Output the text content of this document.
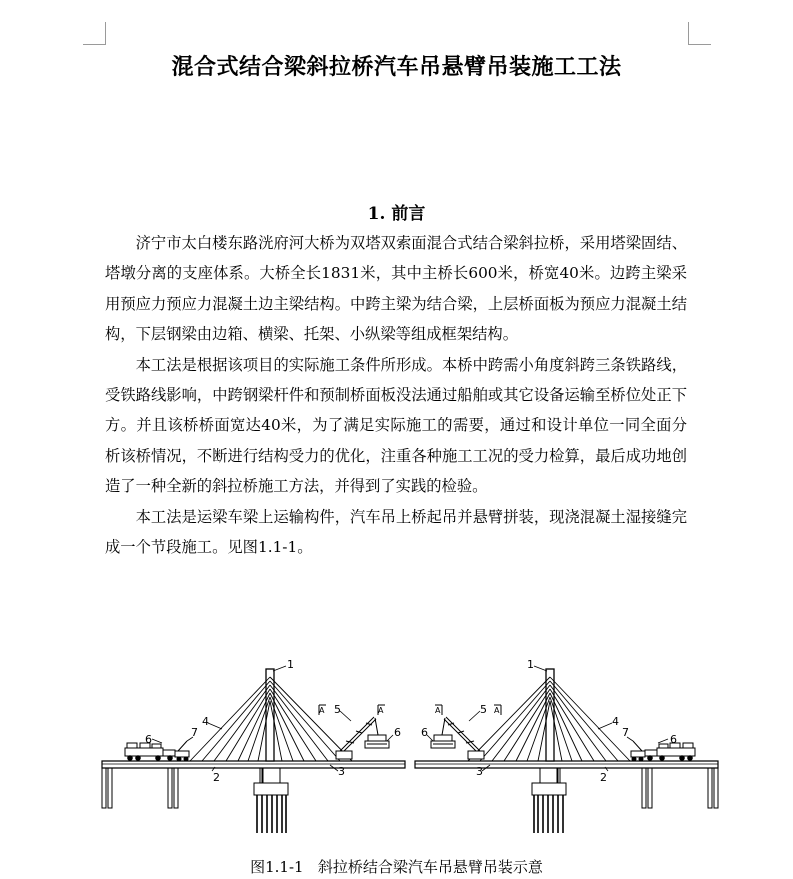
混合式结合梁斜拉桥汽车吊悬臂吊装施工工法
1. 前言

济宁市太白楼东路洸府河大桥为双塔双索面混合式结合梁斜拉桥，采用塔梁固结、塔墩分离的支座体系。大桥全长1831米，其中主桥长600米，桥宽40米。边跨主梁采用预应力预应力混凝土边主梁结构。中跨主梁为结合梁，上层桥面板为预应力混凝土结构，下层钢梁由边箱、横梁、托架、小纵梁等组成框架结构。

本工法是根据该项目的实际施工条件所形成。本桥中跨需小角度斜跨三条铁路线，受铁路线影响，中跨钢梁杆件和预制桥面板没法通过船舶或其它设备运输至桥位处正下方。并且该桥桥面宽达40米，为了满足实际施工的需要，通过和设计单位一同全面分析该桥情况，不断进行结构受力的优化，注重各种施工工况的受力检算，最后成功地创造了一种全新的斜拉桥施工方法，并得到了实践的检验。

本工法是运梁车梁上运输构件，汽车吊上桥起吊并悬臂拼装，现浇混凝土湿接缝完成一个节段施工。见图1.1-1。

A	A
1
4
5
6
6
7
2	3
A	A
1
5
4
6	7
3	2
6
图1.1-1   斜拉桥结合梁汽车吊悬臂吊装示意
